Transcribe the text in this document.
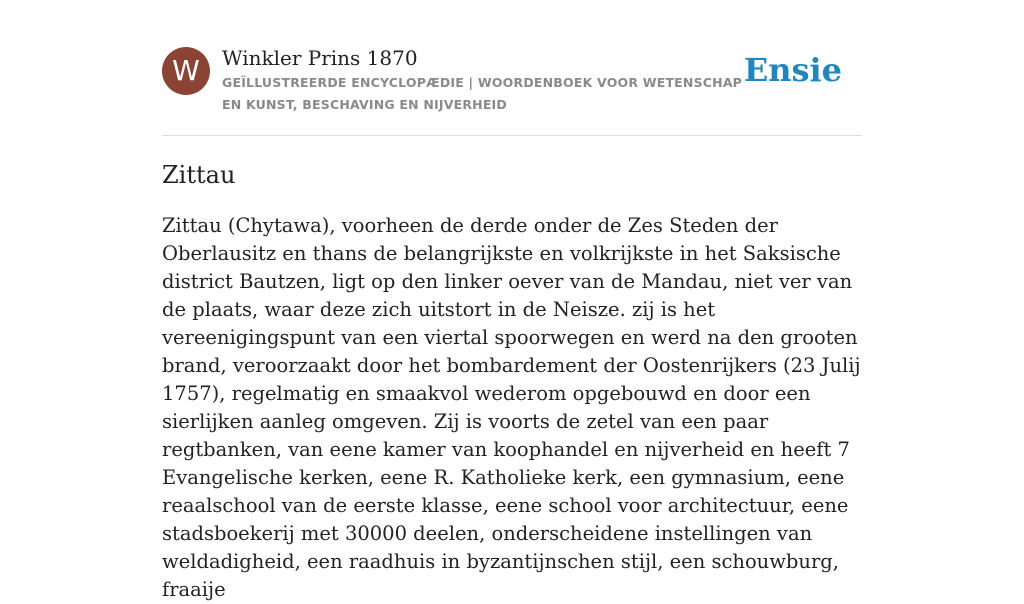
W	Winkler Prins 1870
GEÏLLUSTREERDE ENCYCLOPÆDIE | WOORDENBOEK VOOR WETENSCHAP EN KUNST, BESCHAVING EN NIJVERHEID
Ensie
Zittau

Zittau (Chytawa), voorheen de derde onder de Zes Steden der Oberlausitz en thans de belangrijkste en volkrijkste in het Saksische district Bautzen, ligt op den linker oever van de Mandau, niet ver van de plaats, waar deze zich uitstort in de Neisze. zij is het vereenigingspunt van een viertal spoorwegen en werd na den grooten brand, veroorzaakt door het bombardement der Oostenrijkers (23 Julij 1757), regelmatig en smaakvol wederom opgebouwd en door een sierlijken aanleg omgeven. Zij is voorts de zetel van een paar regtbanken, van eene kamer van koophandel en nijverheid en heeft 7 Evangelische kerken, eene R. Katholieke kerk, een gymnasium, eene reaalschool van de eerste klasse, eene school voor architectuur, eene stadsboekerij met 30000 deelen, onderscheidene instellingen van weldadigheid, een raadhuis in byzantijnschen stijl, een schouwburg, fraaije
